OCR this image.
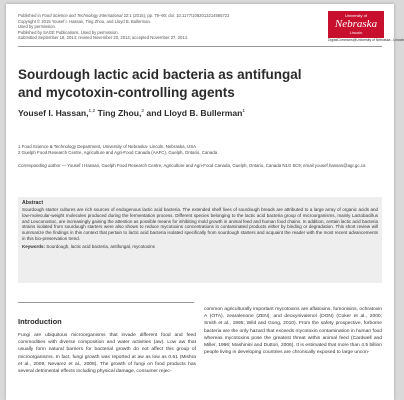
Published in Food Science and Technology International 22:1 (2015), pp. 79–90; doi: 10.1177/1082013214565722
Copyright © 2015 Yousef I. Hassan, Ting Zhou, and Lloyd B. Bullerman.
Used by permission.
Published by SAGE Publications. Used by permission.
Submitted September 18, 2014; revised November 20, 2014; accepted November 27, 2014.
University of
Nebraska
Lincoln
DigitalCommons@University of Nebraska - Lincoln
Sourdough lactic acid bacteria as antifungal
and mycotoxin-controlling agents
Yousef I. Hassan,$^{1,2}$ Ting Zhou,$^2$ and Lloyd B. Bullerman$^1$
1 Food Science & Technology Department, University of Nebraska- Lincoln, Nebraska, USA
2 Guelph Food Research Centre, Agriculture and Agri-Food Canada (AAFC), Guelph, Ontario, Canada
Corresponding author — Yousef I Hassan, Guelph Food Research Centre, Agriculture and Agri-Food Canada, Guelph, Ontario, Canada N1G 5C9; email yousef.hassan@agr.gc.ca
Abstract
Sourdough starter cultures are rich sources of endogenous lactic acid bacteria. The extended shelf lives of sourdough breads are attributed to a large array of organic acids and low-molecular-weight molecules produced during the fermentation process. Different species belonging to the lactic acid bacteria group of microorganisms, mainly Lactobacillus and Leuconostoc, are increasingly gaining the attention as possible means for inhibiting mold growth in animal feed and human food chains. In addition, certain lactic acid bacteria strains isolated from sourdough starters were also shown to reduce mycotoxins concentrations in contaminated products either by binding or degradation. This short review will summarize the findings in this context that pertain to lactic acid bacteria isolated specifically from sourdough starters and acquaint the reader with the most recent advancements in this bio-preservation trend.
Keywords: Sourdough, lactic acid bacteria, antifungal, mycotoxins
Introduction
Fungi are ubiquitous microorganisms that invade different food and feed commodities with diverse composition and water activities (aw). Low aw that usually form natural barriers for bacterial growth do not affect this group of microorganisms. In fact, fungi growth was reported at aw as low as 0.61 (Mishra et al., 2009; Nevarez et al., 2008). The growth of fungi on food products has several detrimental effects including physical damage, consumer rejec-
common agriculturally important mycotoxins are aflatoxins, fumonisins, ochratoxin A (OTA), zearalenone (ZEN), and deoxynivalenol (DON) (Coker et al., 2000; Smith et al., 1995; Wild and Gong, 2010). From the safety prospective, forborne bacteria are the only hazard that exceeds mycotoxin contamination in human food whereas mycotoxins pose the greatest threat within animal feed (Cardwell and Miller, 1996; Mashinini and Dutton, 2006). It is estimated that more than 4.5 billion people living in developing countries are chronically exposed to large uncon-
